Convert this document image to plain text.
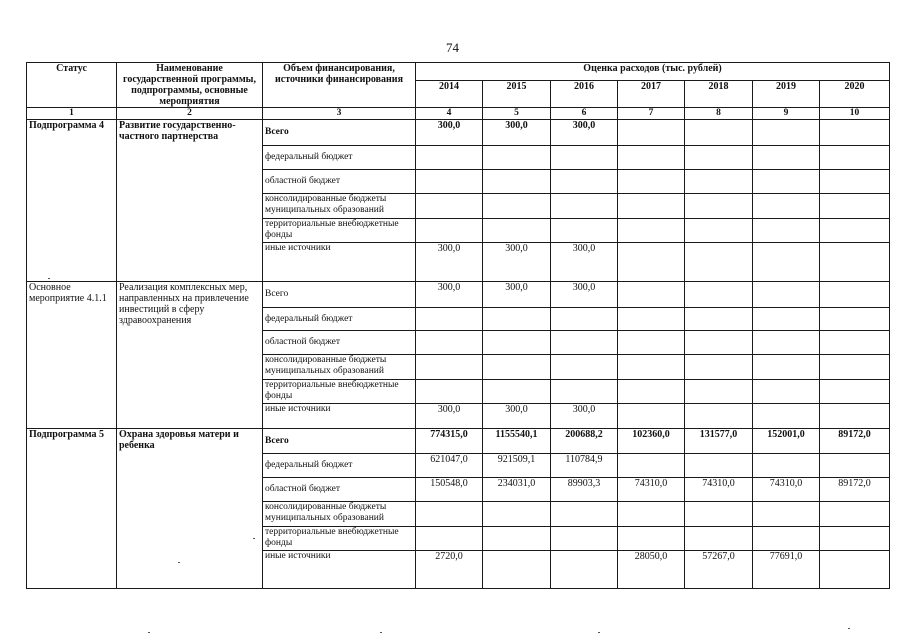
74
Статус	Наименование государственной программы, подпрограммы, основные мероприятия	Объем финансирования, источники финансирования	Оценка расходов (тыс. рублей)						
			2014	2015	2016	2017	2018	2019	2020
1	2	3	4	5	6	7	8	9	10
Подпрограмма 4	Развитие государственно-частного партнерства	Всего	300,0	300,0	300,0				
		федеральный бюджет							
		областной бюджет							
		консолидированные бюджеты муниципальных образований							
		территориальные внебюджетные фонды							
		иные источники	300,0	300,0	300,0				
Основное мероприятие 4.1.1	Реализация комплексных мер, направленных на привлечение инвестиций в сферу здравоохранения	Всего	300,0	300,0	300,0				
		федеральный бюджет							
		областной бюджет							
		консолидированные бюджеты муниципальных образований							
		территориальные внебюджетные фонды							
		иные источники	300,0	300,0	300,0				
Подпрограмма 5	Охрана здоровья матери и ребенка	Всего	774315,0	1155540,1	200688,2	102360,0	131577,0	152001,0	89172,0
		федеральный бюджет	621047,0	921509,1	110784,9				
		областной бюджет	150548,0	234031,0	89903,3	74310,0	74310,0	74310,0	89172,0
		консолидированные бюджеты муниципальных образований							
		территориальные внебюджетные фонды							
		иные источники	2720,0			28050,0	57267,0	77691,0	
